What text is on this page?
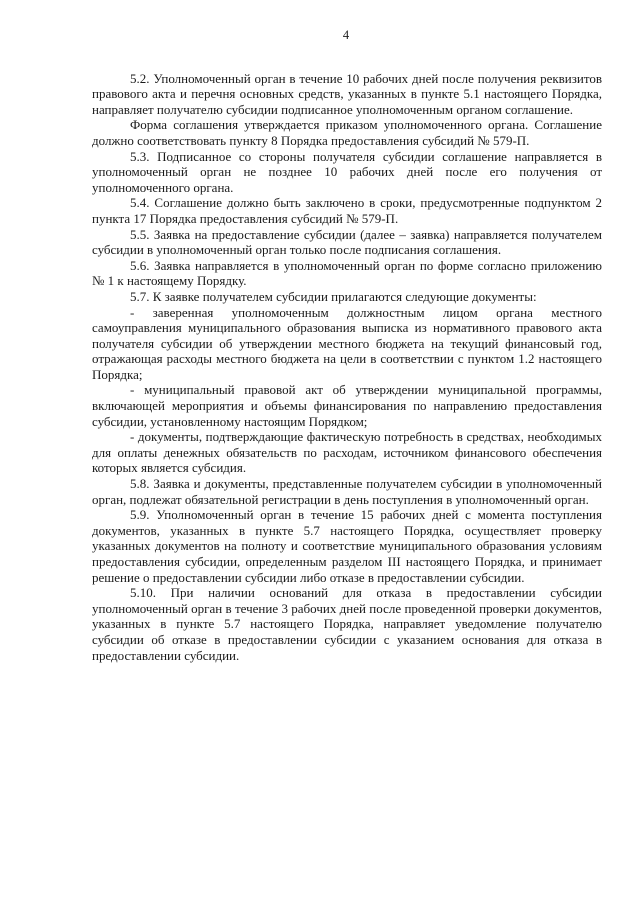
4

5.2. Уполномоченный орган в течение 10 рабочих дней после получения реквизитов правового акта и перечня основных средств, указанных в пункте 5.1 настоящего Порядка, направляет получателю субсидии подписанное уполномоченным органом соглашение.

Форма соглашения утверждается приказом уполномоченного органа. Соглашение должно соответствовать пункту 8 Порядка предоставления субсидий № 579-П.

5.3. Подписанное со стороны получателя субсидии соглашение направляется в уполномоченный орган не позднее 10 рабочих дней после его получения от уполномоченного органа.

5.4. Соглашение должно быть заключено в сроки, предусмотренные подпунктом 2 пункта 17 Порядка предоставления субсидий № 579-П.

5.5. Заявка на предоставление субсидии (далее – заявка) направляется получателем субсидии в уполномоченный орган только после подписания соглашения.

5.6. Заявка направляется в уполномоченный орган по форме согласно приложению № 1 к настоящему Порядку.

5.7. К заявке получателем субсидии прилагаются следующие документы:

- заверенная уполномоченным должностным лицом органа местного самоуправления муниципального образования выписка из нормативного правового акта получателя субсидии об утверждении местного бюджета на текущий финансовый год, отражающая расходы местного бюджета на цели в соответствии с пунктом 1.2 настоящего Порядка;

- муниципальный правовой акт об утверждении муниципальной программы, включающей мероприятия и объемы финансирования по направлению предоставления субсидии, установленному настоящим Порядком;

- документы, подтверждающие фактическую потребность в средствах, необходимых для оплаты денежных обязательств по расходам, источником финансового обеспечения которых является субсидия.

5.8. Заявка и документы, представленные получателем субсидии в уполномоченный орган, подлежат обязательной регистрации в день поступления в уполномоченный орган.

5.9. Уполномоченный орган в течение 15 рабочих дней с момента поступления документов, указанных в пункте 5.7 настоящего Порядка, осуществляет проверку указанных документов на полноту и соответствие муниципального образования условиям предоставления субсидии, определенным разделом III настоящего Порядка, и принимает решение о предоставлении субсидии либо отказе в предоставлении субсидии.

5.10. При наличии оснований для отказа в предоставлении субсидии уполномоченный орган в течение 3 рабочих дней после проведенной проверки документов, указанных в пункте 5.7 настоящего Порядка, направляет уведомление получателю субсидии об отказе в предоставлении субсидии с указанием основания для отказа в предоставлении субсидии.
